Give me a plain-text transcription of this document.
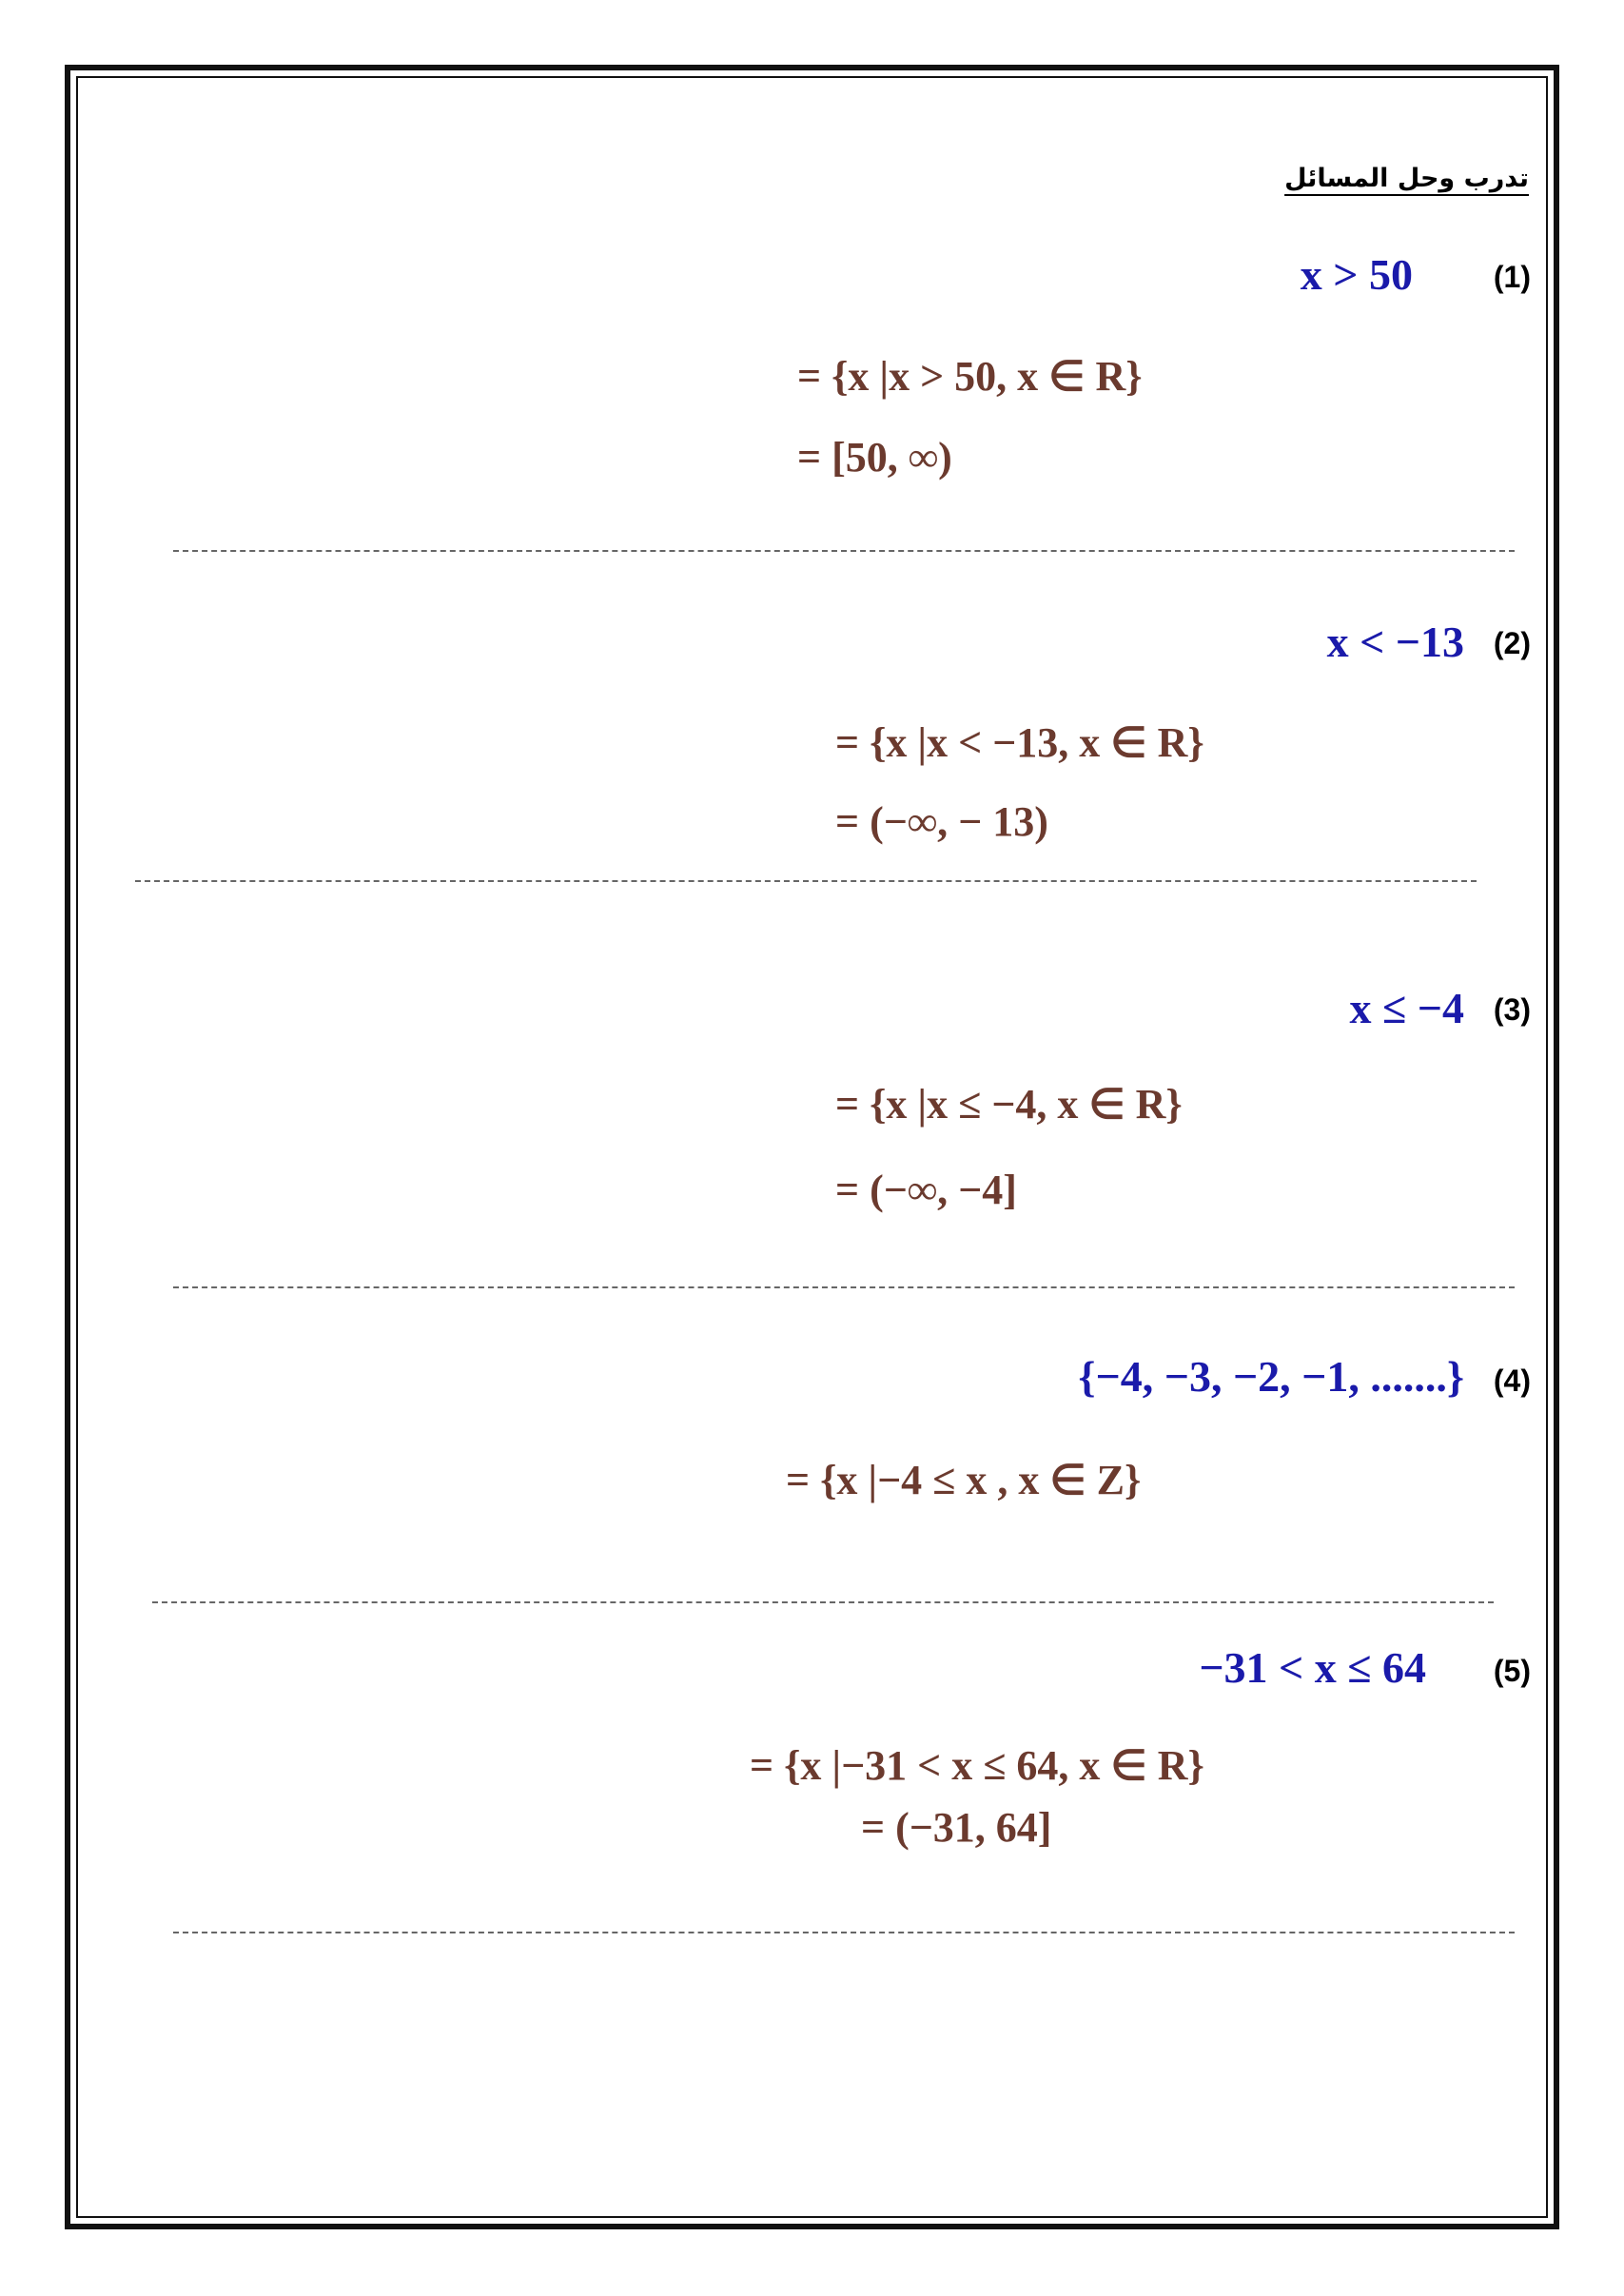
تدرب وحل المسائل
(1)
x > 50
= {x |x > 50, x ∈ R}
= [50, ∞)
(2)
x < −13
= {x |x < −13, x ∈ R}
= (−∞, − 13)
(3)
x ≤ −4
= {x |x ≤ −4, x ∈ R}
= (−∞, −4]
(4)
{−4, −3, −2, −1, .......}
= {x |−4 ≤ x , x ∈ Z}
(5)
−31 < x ≤ 64
= {x |−31 < x ≤ 64, x ∈ R}
= (−31, 64]
